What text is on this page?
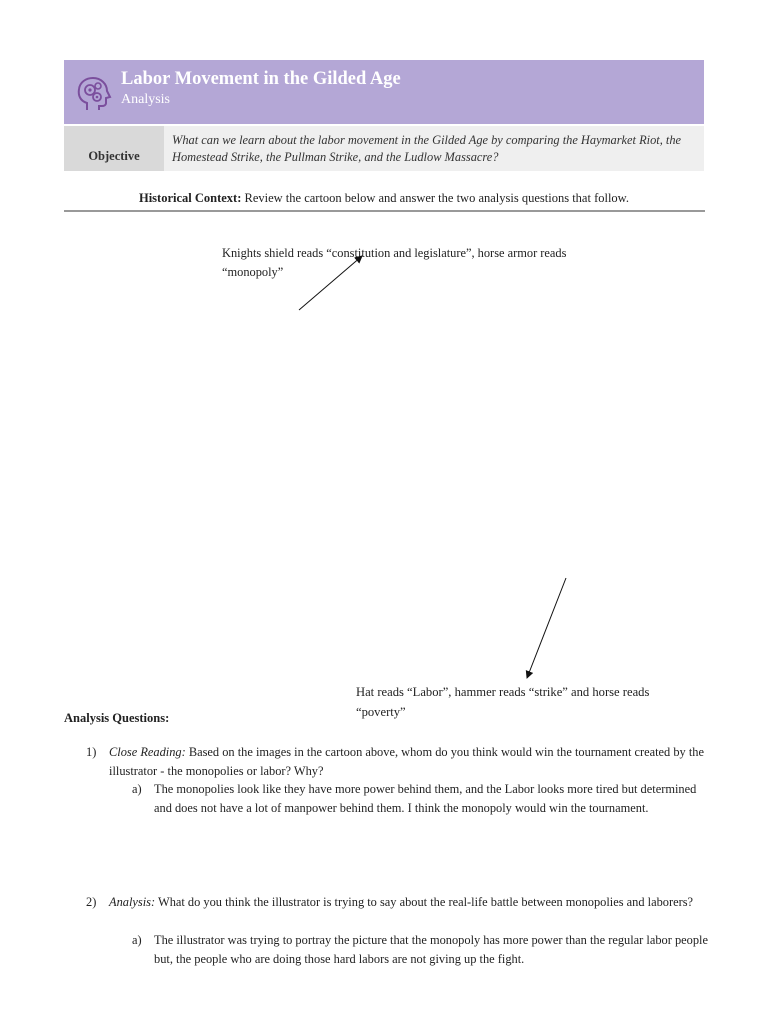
Labor Movement in the Gilded Age
Analysis
Objective
What can we learn about the labor movement in the Gilded Age by comparing the Haymarket Riot, the Homestead Strike, the Pullman Strike, and the Ludlow Massacre?
Historical Context: Review the cartoon below and answer the two analysis questions that follow.
Knights shield reads “constitution and legislature”, horse armor reads “monopoly”
Hat reads “Labor”, hammer reads “strike” and horse reads “poverty”
Analysis Questions:
1) Close Reading: Based on the images in the cartoon above, whom do you think would win the tournament created by the illustrator - the monopolies or labor? Why?
a) The monopolies look like they have more power behind them, and the Labor looks more tired but determined and does not have a lot of manpower behind them. I think the monopoly would win the tournament.
2) Analysis: What do you think the illustrator is trying to say about the real-life battle between monopolies and laborers?
a) The illustrator was trying to portray the picture that the monopoly has more power than the regular labor people but, the people who are doing those hard labors are not giving up the fight.
